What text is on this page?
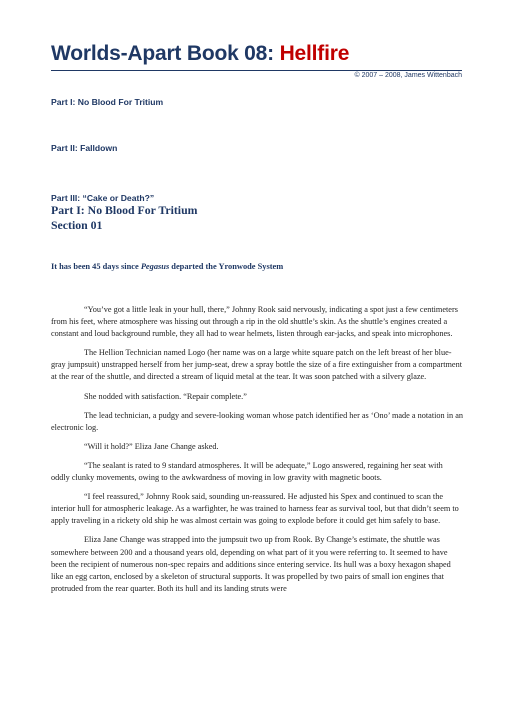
Worlds-Apart Book 08: Hellfire
© 2007 – 2008, James Wittenbach
Part I: No Blood For Tritium
Part II: Falldown
Part III: “Cake or Death?”
Part I: No Blood For Tritium
Section 01
It has been 45 days since Pegasus departed the Yronwode System

“You’ve got a little leak in your hull, there,” Johnny Rook said nervously, indicating a spot just a few centimeters from his feet, where atmosphere was hissing out through a rip in the old shuttle’s skin. As the shuttle’s engines created a constant and loud background rumble, they all had to wear helmets, listen through ear-jacks, and speak into microphones.

The Hellion Technician named Logo (her name was on a large white square patch on the left breast of her blue-gray jumpsuit) unstrapped herself from her jump-seat, drew a spray bottle the size of a fire extinguisher from a compartment at the rear of the shuttle, and directed a stream of liquid metal at the tear. It was soon patched with a silvery glaze.

She nodded with satisfaction. “Repair complete.”

The lead technician, a pudgy and severe-looking woman whose patch identified her as ‘Ono’ made a notation in an electronic log.

“Will it hold?” Eliza Jane Change asked.

“The sealant is rated to 9 standard atmospheres. It will be adequate,” Logo answered, regaining her seat with oddly clunky movements, owing to the awkwardness of moving in low gravity with magnetic boots.

“I feel reassured,” Johnny Rook said, sounding un-reassured. He adjusted his Spex and continued to scan the interior hull for atmospheric leakage. As a warfighter, he was trained to harness fear as survival tool, but that didn’t seem to apply traveling in a rickety old ship he was almost certain was going to explode before it could get him safely to base.

Eliza Jane Change was strapped into the jumpsuit two up from Rook. By Change’s estimate, the shuttle was somewhere between 200 and a thousand years old, depending on what part of it you were referring to. It seemed to have been the recipient of numerous non-spec repairs and additions since entering service. Its hull was a boxy hexagon shaped like an egg carton, enclosed by a skeleton of structural supports. It was propelled by two pairs of small ion engines that protruded from the rear quarter. Both its hull and its landing struts were
